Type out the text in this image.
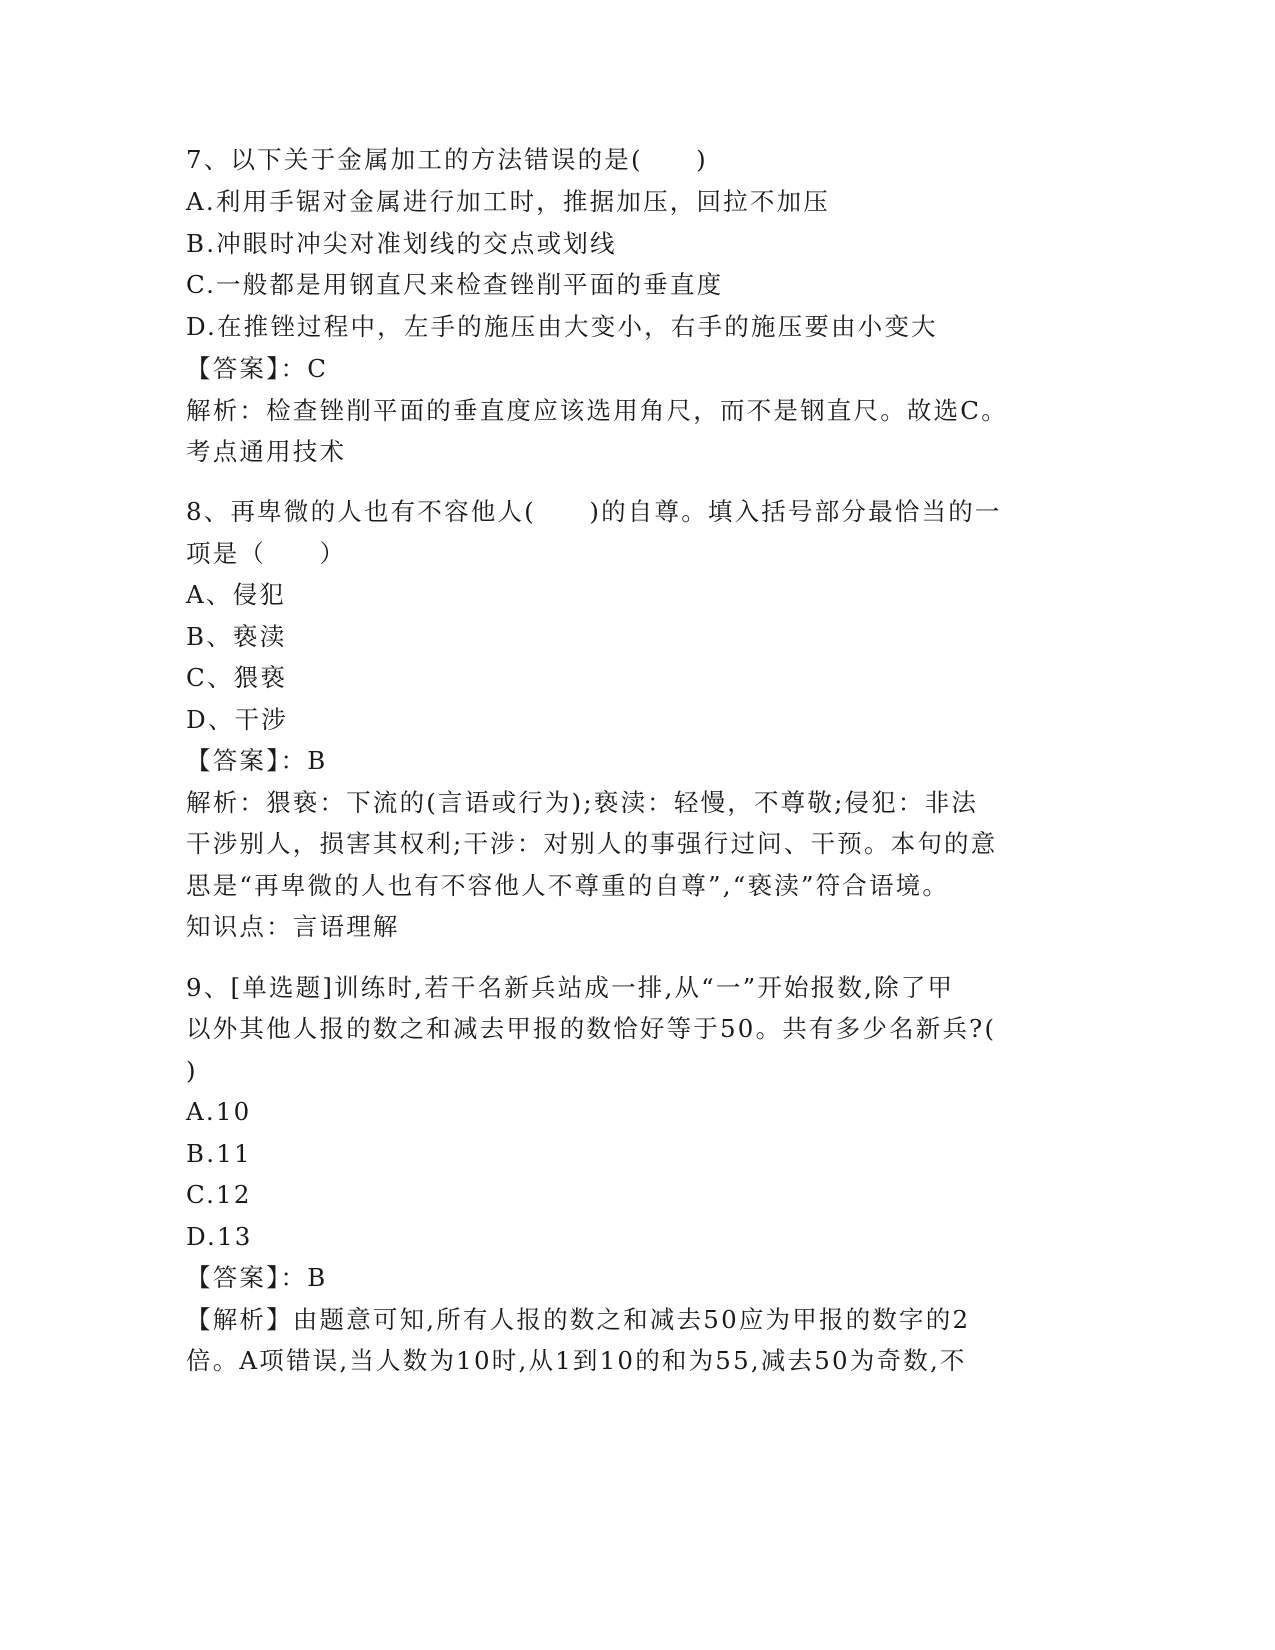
7、以下关于金属加工的方法错误的是(　　)
A.利用手锯对金属进行加工时，推据加压，回拉不加压
B.冲眼时冲尖对准划线的交点或划线
C.一般都是用钢直尺来检查锉削平面的垂直度
D.在推锉过程中，左手的施压由大变小，右手的施压要由小变大
【答案】：C
解析：检查锉削平面的垂直度应该选用角尺，而不是钢直尺。故选C。
考点通用技术
8、再卑微的人也有不容他人(　　)的自尊。填入括号部分最恰当的一
项是（　　）
A、侵犯
B、亵渎
C、猥亵
D、干涉
【答案】：B
解析：猥亵：下流的(言语或行为);亵渎：轻慢，不尊敬;侵犯：非法
干涉别人，损害其权利;干涉：对别人的事强行过问、干预。本句的意
思是“再卑微的人也有不容他人不尊重的自尊”,“亵渎”符合语境。
知识点：言语理解
9、[单选题]训练时,若干名新兵站成一排,从“一”开始报数,除了甲
以外其他人报的数之和减去甲报的数恰好等于50。共有多少名新兵?(
)
A.10
B.11
C.12
D.13
【答案】：B
【解析】由题意可知,所有人报的数之和减去50应为甲报的数字的2
倍。A项错误,当人数为10时,从1到10的和为55,减去50为奇数,不
